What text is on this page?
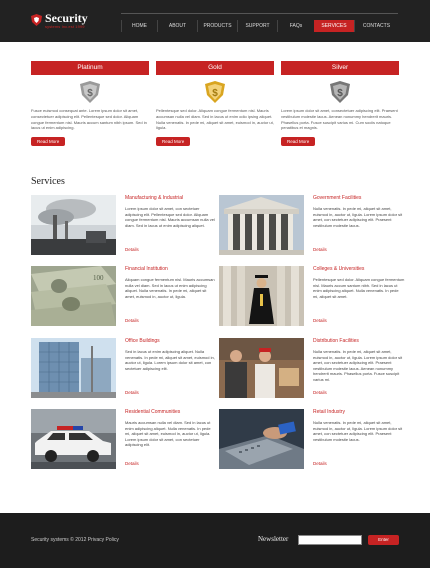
Security
systems Inc.est 1999	HOME	ABOUT	PRODUCTS	SUPPORT	FAQs	SERVICES	CONTACTS
Platinum
$
Fusce euismod consequat ante. Lorem ipsum dolor sit amet, consectetuer adipiscing elit. Pellentesque sed dolor. Aliquam congue fermentum nisl. Mauris accum santum nibh ipsum. Sed in lacus ut enim adipiscing.
Read More
Gold
$
Pellentesque sed dolor. Aliquam congue fermentum nisl. Mauris accumsan nulla vel diam. Sed in lacus ut enim odio ipsing aliquet. Nulla venenatis. In pede mi, aliquet sit amet, euismod in, auctor ut, ligula.
Read More
Silver
$
Lorem ipsum dolor sit amet, consectetuer adipiscing elit. Praesent vestibulum molestie lacus. Aenean nonummy hendrerit mauris. Phasellus porta. Fusce suscipit varius mi. Cum sociis natoque penatibus et magnis.
Read More
Services
Manufacturing & Industrial
Lorem ipsum dolor sit amet, con sectetuer adipiscing elit. Pellentesque sed dolor. Aliquam congue fermentum nisl. Mauris accumsan nulla vel diam. Sed in lacus ut enim adipiscing aliquet.
Details
Government Facilities
Nulla venenatis. In pede mi, aliquet sit amet, euismod in, auctor ut, ligula. Lorem ipsum dolor sit amet, con sectetuer adipiscing elit. Praesent vestibulum molestie lacus.
Details
100
Financial Institution
Aliquam congue fermentum nisl. Mauris accumsan nulla vel diam. Sed in lacus ut enim adipiscing aliquet. Nulla venenatis. In pede mi, aliquet sit amet, euismod in, auctor ut, ligula.
Details
Colleges & Universities
Pellentesque sed dolor. Aliquam congue fermentum nisl. Mauris accum santum nibh. Sed in lacus ut enim adipiscing aliquet. Nulla venenatis. In pede mi, aliquet sit amet.
Details
Office Buildings
Sed in lacus ut enim adipiscing aliquet. Nulla venenatis. In pede mi, aliquet sit amet, euismod in, auctor ut, ligula. Lorem ipsum dolor sit amet, con sectetuer adipiscing elit.
Details
Distribution Facilities
Nulla venenatis. In pede mi, aliquet sit amet, euismod in, auctor ut, ligula. Lorem ipsum dolor sit amet, con sectetuer adipiscing elit. Praesent vestibulum molestie lacus. Aenean nonummy hendrerit mauris. Phasellus porta. Fusce suscipit varius mi.
Details
Residential Communities
Mauris accumsan nulla vel diam. Sed in lacus ut enim adipiscing aliquet. Nulla venenatis. In pede mi, aliquet sit amet, euismod in, auctor ut, ligula. Lorem ipsum dolor sit amet, con sectetuer adipiscing elit.
Details
Retail Industry
Nulla venenatis. In pede mi, aliquet sit amet, euismod in, auctor ut, ligula. Lorem ipsum dolor sit amet, con sectetuer adipiscing elit. Praesent vestibulum molestie lacus.
Details
Security systems © 2012 Privacy Policy	Newsletter	Enter
